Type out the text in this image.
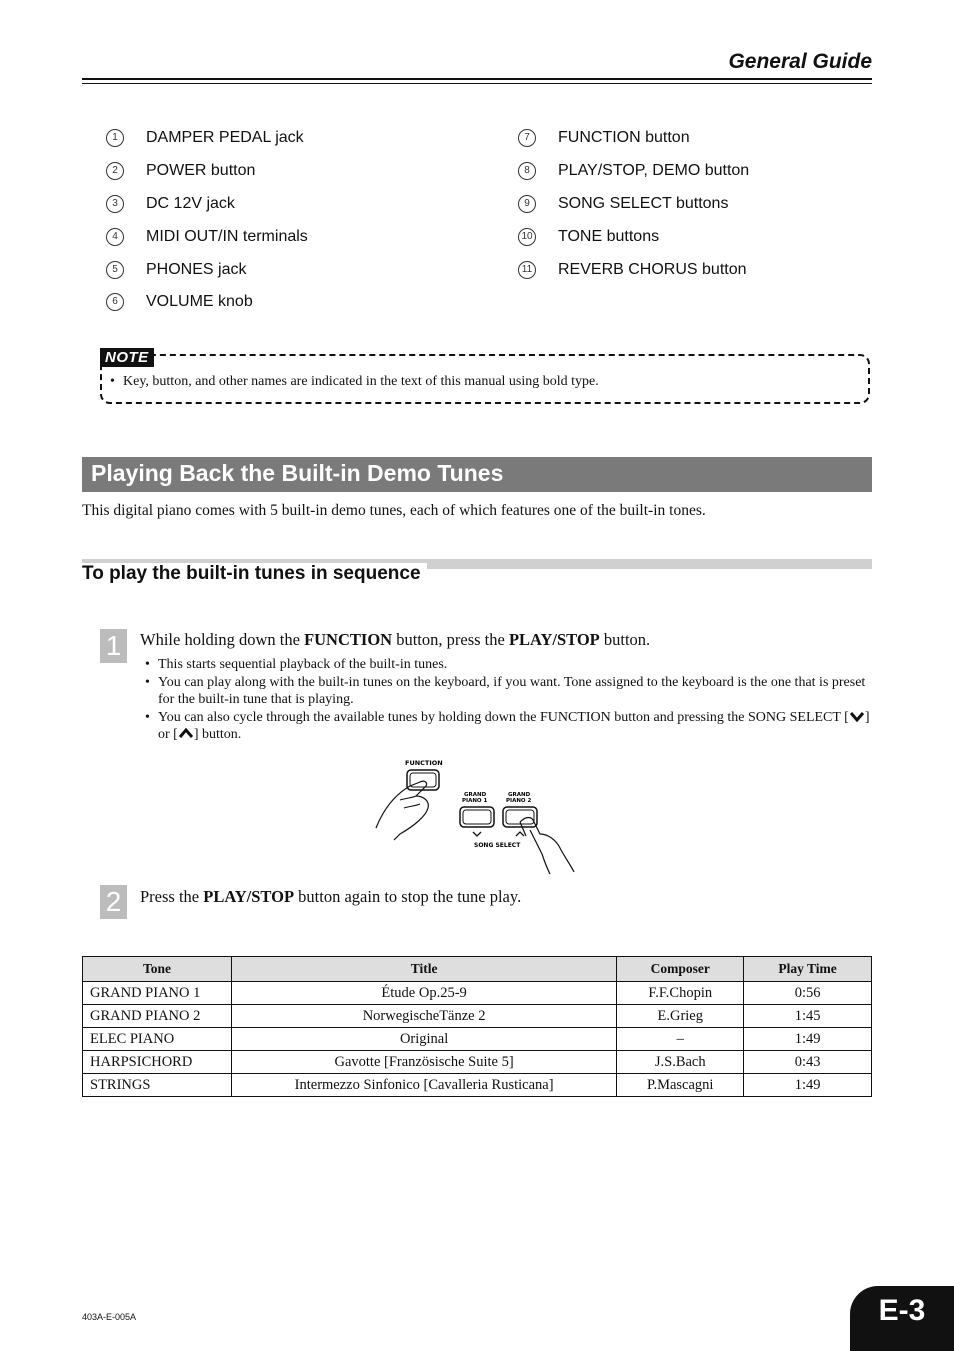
General Guide
1	DAMPER PEDAL jack
2	POWER button
3	DC 12V jack
4	MIDI OUT/IN terminals
5	PHONES jack
6	VOLUME knob
7	FUNCTION button
8	PLAY/STOP, DEMO button
9	SONG SELECT buttons
10 TONE buttons
11 REVERB CHORUS button
NOTE
• Key, button, and other names are indicated in the text of this manual using bold type.
Playing Back the Built-in Demo Tunes
This digital piano comes with 5 built-in demo tunes, each of which features one of the built-in tones.
To play the built-in tunes in sequence
1	While holding down the FUNCTION button, press the PLAY/STOP button.
• This starts sequential playback of the built-in tunes.
• You can play along with the built-in tunes on the keyboard, if you want. Tone assigned to the keyboard is the one that is preset for the built-in tune that is playing.
• You can also cycle through the available tunes by holding down the FUNCTION button and pressing the SONG SELECT [ ] or [ ] button.
FUNCTION
GRAND
PIANO 1
GRAND
PIANO 2
SONG SELECT
2	Press the PLAY/STOP button again to stop the tune play.
Tone	Title	Composer	Play Time
GRAND PIANO 1	Étude Op.25-9	F.F.Chopin	0:56
GRAND PIANO 2	NorwegischeTänze 2	E.Grieg	1:45
ELEC PIANO	Original	–	1:49
HARPSICHORD	Gavotte [Französische Suite 5]	J.S.Bach	0:43
STRINGS	Intermezzo Sinfonico [Cavalleria Rusticana]	P.Mascagni	1:49
403A-E-005A	E-3
